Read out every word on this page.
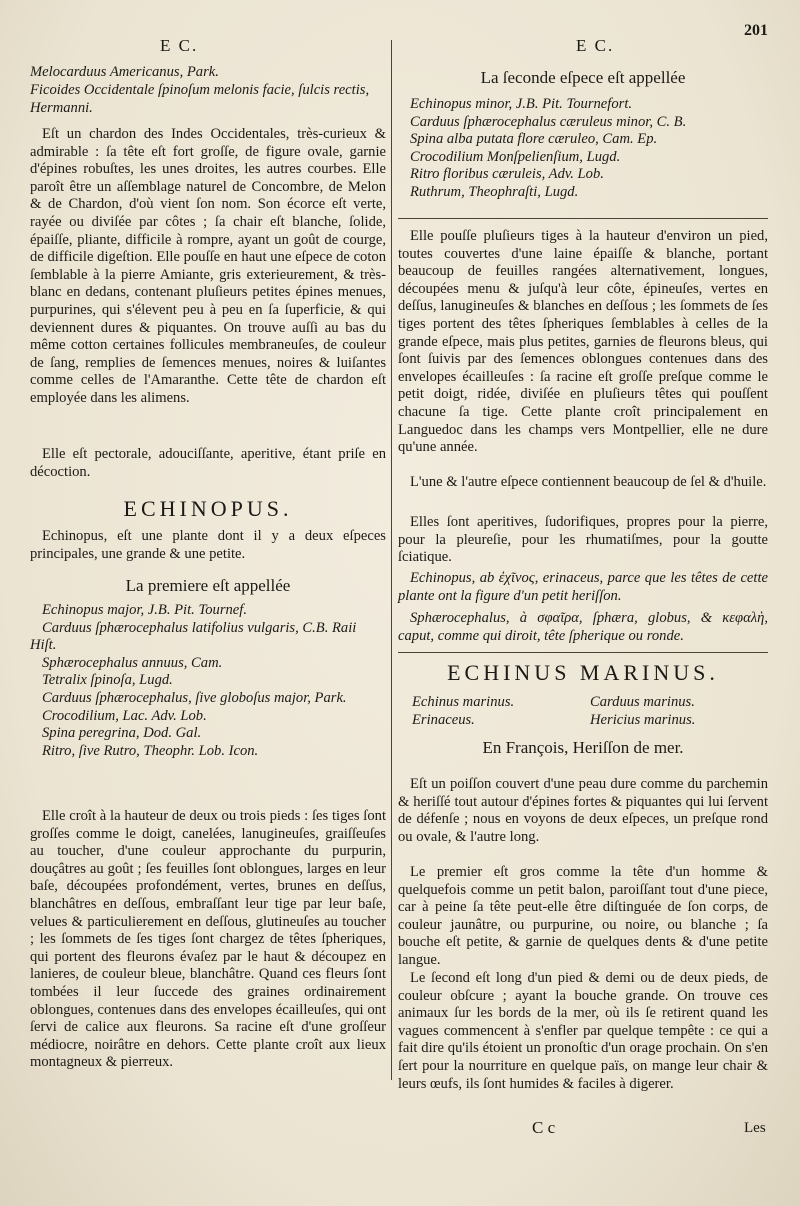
E C.	E C.
201
Melocarduus Americanus, Park.
Ficoides Occidentale ſpinoſum melonis facie, ſulcis rectis, Hermanni.

Eſt un chardon des Indes Occidentales, très-curieux & admirable : ſa tête eſt fort groſſe, de figure ovale, garnie d'épines robuſtes, les unes droites, les autres courbes. Elle paroît être un aſſemblage naturel de Concombre, de Melon & de Chardon, d'où vient ſon nom. Son écorce eſt verte, rayée ou diviſée par côtes ; ſa chair eſt blanche, ſolide, épaiſſe, pliante, difficile à rompre, ayant un goût de courge, de difficile digeſtion. Elle pouſſe en haut une eſpece de coton ſemblable à la pierre Amiante, gris exterieurement, & très-blanc en dedans, contenant pluſieurs petites épines menues, purpurines, qui s'élevent peu à peu en ſa ſuperficie, & qui deviennent dures & piquantes. On trouve auſſi au bas du même cotton certaines follicules membraneuſes, de couleur de ſang, remplies de ſemences menues, noires & luiſantes comme celles de l'Amaranthe. Cette tête de chardon eſt employée dans les alimens.

Elle eſt pectorale, adouciſſante, aperitive, étant priſe en décoction.

ECHINOPUS.

Echinopus, eſt une plante dont il y a deux eſpeces principales, une grande & une petite.

La premiere eſt appellée
Echinopus major, J.B. Pit. Tournef.
Carduus ſphærocephalus latifolius vulgaris, C.B. Raii Hiſt.
Sphærocephalus annuus, Cam.
Tetralix ſpinoſa, Lugd.
Carduus ſphærocephalus, ſive globoſus major, Park.
Crocodilium, Lac. Adv. Lob.
Spina peregrina, Dod. Gal.
Ritro, ſive Rutro, Theophr. Lob. Icon.

Elle croît à la hauteur de deux ou trois pieds : ſes tiges ſont groſſes comme le doigt, canelées, lanugineuſes, graiſſeuſes au toucher, d'une couleur approchante du purpurin, douçâtres au goût ; ſes feuilles ſont oblongues, larges en leur baſe, découpées profondément, vertes, brunes en deſſus, blanchâtres en deſſous, embraſſant leur tige par leur baſe, velues & particulierement en deſſous, glutineuſes au toucher ; les ſommets de ſes tiges ſont chargez de têtes ſpheriques, qui portent des fleurons évaſez par le haut & découpez en lanieres, de couleur bleue, blanchâtre. Quand ces fleurs ſont tombées il leur ſuccede des graines ordinairement oblongues, contenues dans des envelopes écailleuſes, qui ont ſervi de calice aux fleurons. Sa racine eſt d'une groſſeur médiocre, noirâtre en dehors. Cette plante croît aux lieux montagneux & pierreux.

La ſeconde eſpece eſt appellée
Echinopus minor, J.B. Pit. Tournefort.
Carduus ſphærocephalus cæruleus minor, C. B.
Spina alba putata flore cæruleo, Cam. Ep.
Crocodilium Monſpelienſium, Lugd.
Ritro floribus cæruleis, Adv. Lob.
Ruthrum, Theophraſti, Lugd.

Elle pouſſe pluſieurs tiges à la hauteur d'environ un pied, toutes couvertes d'une laine épaiſſe & blanche, portant beaucoup de feuilles rangées alternativement, longues, découpées menu & juſqu'à leur côte, épineuſes, vertes en deſſus, lanugineuſes & blanches en deſſous ; les ſommets de ſes tiges portent des têtes ſpheriques ſemblables à celles de la grande eſpece, mais plus petites, garnies de fleurons bleus, qui ſont ſuivis par des ſemences oblongues contenues dans des envelopes écailleuſes : ſa racine eſt groſſe preſque comme le petit doigt, ridée, diviſée en pluſieurs têtes qui pouſſent chacune ſa tige. Cette plante croît principalement en Languedoc dans les champs vers Montpellier, elle ne dure qu'une année.

L'une & l'autre eſpece contiennent beaucoup de ſel & d'huile.

Elles ſont aperitives, ſudorifiques, propres pour la pierre, pour la pleureſie, pour les rhumatiſmes, pour la goutte ſciatique.

Echinopus, ab ἐχῖνος, erinaceus, parce que les têtes de cette plante ont la figure d'un petit heriſſon.

Sphærocephalus, à σφαῖρα, ſphæra, globus, & κεφαλὴ, caput, comme qui diroit, tête ſpherique ou ronde.

ECHINUS MARINUS.
Echinus marinus.
Erinaceus.
Carduus marinus.
Hericius marinus.
En François, Heriſſon de mer.

Eſt un poiſſon couvert d'une peau dure comme du parchemin & heriſſé tout autour d'épines fortes & piquantes qui lui ſervent de défenſe ; nous en voyons de deux eſpeces, un preſque rond ou ovale, & l'autre long.

Le premier eſt gros comme la tête d'un homme & quelquefois comme un petit balon, paroiſſant tout d'une piece, car à peine ſa tête peut-elle être diſtinguée de ſon corps, de couleur jaunâtre, ou purpurine, ou noire, ou blanche ; ſa bouche eſt petite, & garnie de quelques dents & d'une petite langue.

Le ſecond eſt long d'un pied & demi ou de deux pieds, de couleur obſcure ; ayant la bouche grande. On trouve ces animaux ſur les bords de la mer, où ils ſe retirent quand les vagues commencent à s'enfler par quelque tempête : ce qui a fait dire qu'ils étoient un pronoſtic d'un orage prochain. On s'en ſert pour la nourriture en quelque païs, on mange leur chair & leurs œufs, ils ſont humides & faciles à digerer.

C c	Les
